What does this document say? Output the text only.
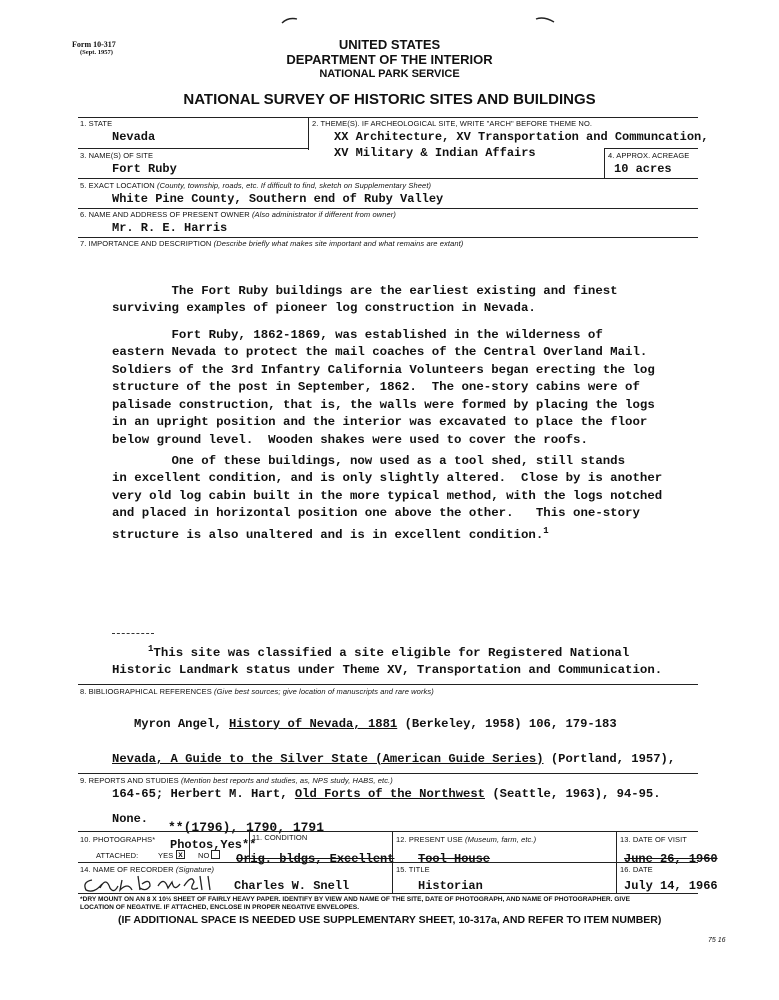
Form 10-317
(Sept. 1957)
UNITED STATES
DEPARTMENT OF THE INTERIOR
NATIONAL PARK SERVICE
NATIONAL SURVEY OF HISTORIC SITES AND BUILDINGS
1. STATE
Nevada
2. THEME(S). IF ARCHEOLOGICAL SITE, WRITE "ARCH" BEFORE THEME NO.
XX Architecture, XV Transportation and Communcation,
XV Military & Indian Affairs
3. NAME(S) OF SITE
Fort Ruby
4. APPROX. ACREAGE
10 acres
5. EXACT LOCATION (County, township, roads, etc. If difficult to find, sketch on Supplementary Sheet)
White Pine County, Southern end of Ruby Valley
6. NAME AND ADDRESS OF PRESENT OWNER (Also administrator if different from owner)
Mr. R. E. Harris
7. IMPORTANCE AND DESCRIPTION (Describe briefly what makes site important and what remains are extant)

The Fort Ruby buildings are the earliest existing and finest
surviving examples of pioneer log construction in Nevada.

Fort Ruby, 1862-1869, was established in the wilderness of
eastern Nevada to protect the mail coaches of the Central Overland Mail.
Soldiers of the 3rd Infantry California Volunteers began erecting the log
structure of the post in September, 1862.  The one-story cabins were of
palisade construction, that is, the walls were formed by placing the logs
in an upright position and the interior was excavated to place the floor
below ground level.  Wooden shakes were used to cover the roofs.

One of these buildings, now used as a tool shed, still stands
in excellent condition, and is only slightly altered.  Close by is another
very old log cabin built in the more typical method, with the logs notched
and placed in horizontal position one above the other.   This one-story
structure is also unaltered and is in excellent condition.$^1$

$^1$This site was classified a site eligible for Registered National
Historic Landmark status under Theme XV, Transportation and Communication.

8. BIBLIOGRAPHICAL REFERENCES (Give best sources; give location of manuscripts and rare works)

Myron Angel, History of Nevada, 1881 (Berkeley, 1958) 106, 179-183

Nevada, A Guide to the Silver State (American Guide Series) (Portland, 1957),

164-65; Herbert M. Hart, Old Forts of the Northwest (Seattle, 1963), 94-95.

9. REPORTS AND STUDIES (Mention best reports and studies, as, NPS study, HABS, etc.)
None.
**(1796), 1790, 1791
10. PHOTOGRAPHS*	11. CONDITION
ATTACHED:	YES x	NO
Photos,Yes**
Orig. bldgs, Excellent
12. PRESENT USE (Museum, farm, etc.)
Tool House
13. DATE OF VISIT
June 26, 1960
14. NAME OF RECORDER (Signature)
Charles W. Snell
15. TITLE
Historian
16. DATE
July 14, 1966
*DRY MOUNT ON AN 8 X 10½ SHEET OF FAIRLY HEAVY PAPER. IDENTIFY BY VIEW AND NAME OF THE SITE, DATE OF PHOTOGRAPH, AND NAME OF PHOTOGRAPHER. GIVE
LOCATION OF NEGATIVE. IF ATTACHED, ENCLOSE IN PROPER NEGATIVE ENVELOPES.
(IF ADDITIONAL SPACE IS NEEDED USE SUPPLEMENTARY SHEET, 10-317a, AND REFER TO ITEM NUMBER)
75 16
